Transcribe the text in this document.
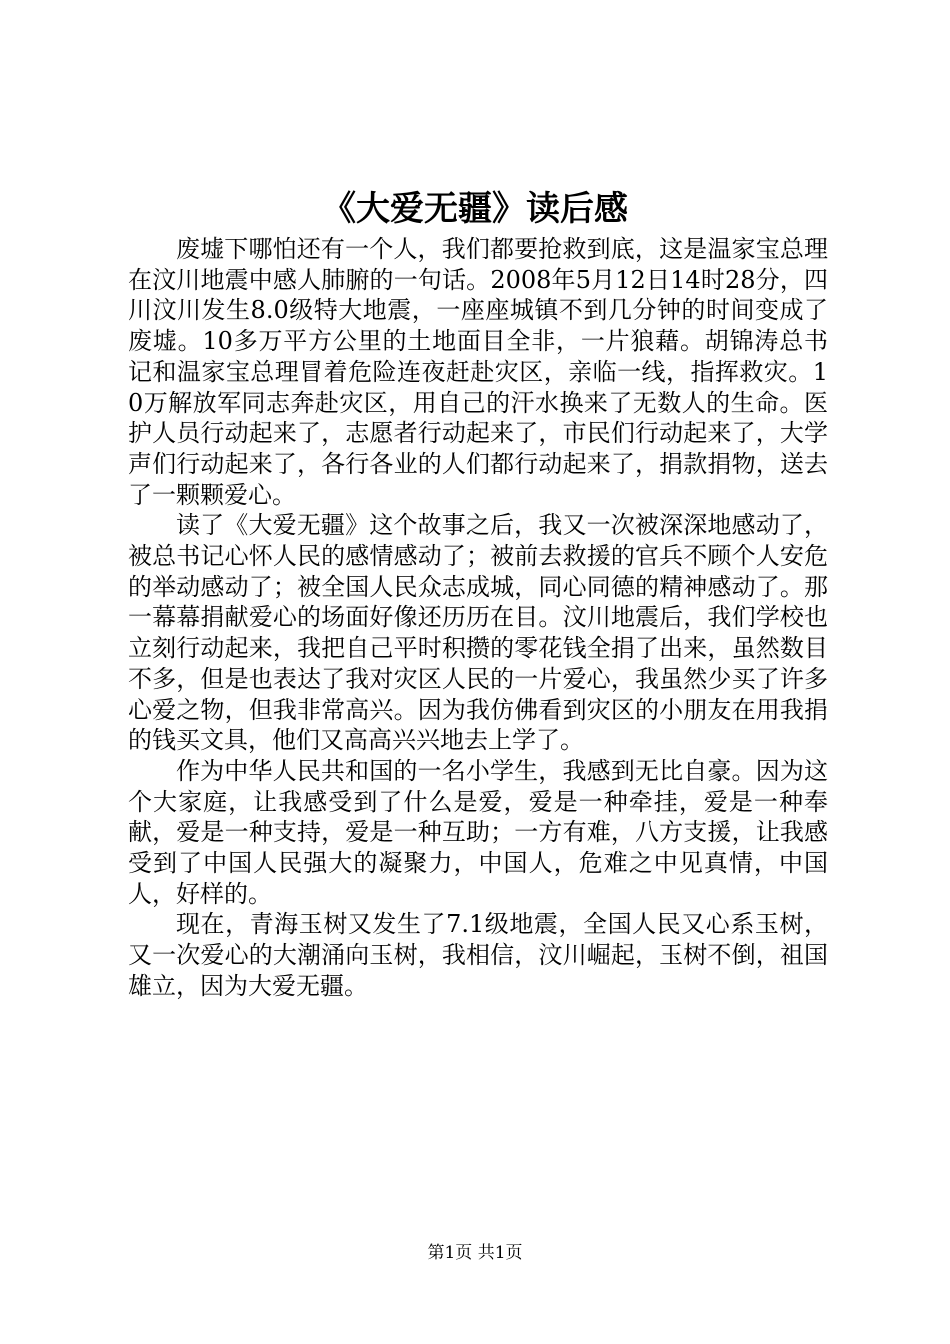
《大爱无疆》读后感

废墟下哪怕还有一个人，我们都要抢救到底，这是温家宝总理在汶川地震中感人肺腑的一句话。2008年5月12日14时28分，四川汶川发生8.0级特大地震，一座座城镇不到几分钟的时间变成了废墟。10多万平方公里的土地面目全非，一片狼藉。胡锦涛总书记和温家宝总理冒着危险连夜赶赴灾区，亲临一线，指挥救灾。10万解放军同志奔赴灾区，用自己的汗水换来了无数人的生命。医护人员行动起来了，志愿者行动起来了，市民们行动起来了，大学声们行动起来了，各行各业的人们都行动起来了，捐款捐物，送去了一颗颗爱心。

读了《大爱无疆》这个故事之后，我又一次被深深地感动了，被总书记心怀人民的感情感动了；被前去救援的官兵不顾个人安危的举动感动了；被全国人民众志成城，同心同德的精神感动了。那一幕幕捐献爱心的场面好像还历历在目。汶川地震后，我们学校也立刻行动起来，我把自己平时积攒的零花钱全捐了出来，虽然数目不多，但是也表达了我对灾区人民的一片爱心，我虽然少买了许多心爱之物，但我非常高兴。因为我仿佛看到灾区的小朋友在用我捐的钱买文具，他们又高高兴兴地去上学了。

作为中华人民共和国的一名小学生，我感到无比自豪。因为这个大家庭，让我感受到了什么是爱，爱是一种牵挂，爱是一种奉献，爱是一种支持，爱是一种互助；一方有难，八方支援，让我感受到了中国人民强大的凝聚力，中国人，危难之中见真情，中国人，好样的。

现在，青海玉树又发生了7.1级地震，全国人民又心系玉树，又一次爱心的大潮涌向玉树，我相信，汶川崛起，玉树不倒，祖国雄立，因为大爱无疆。

第1页 共1页
